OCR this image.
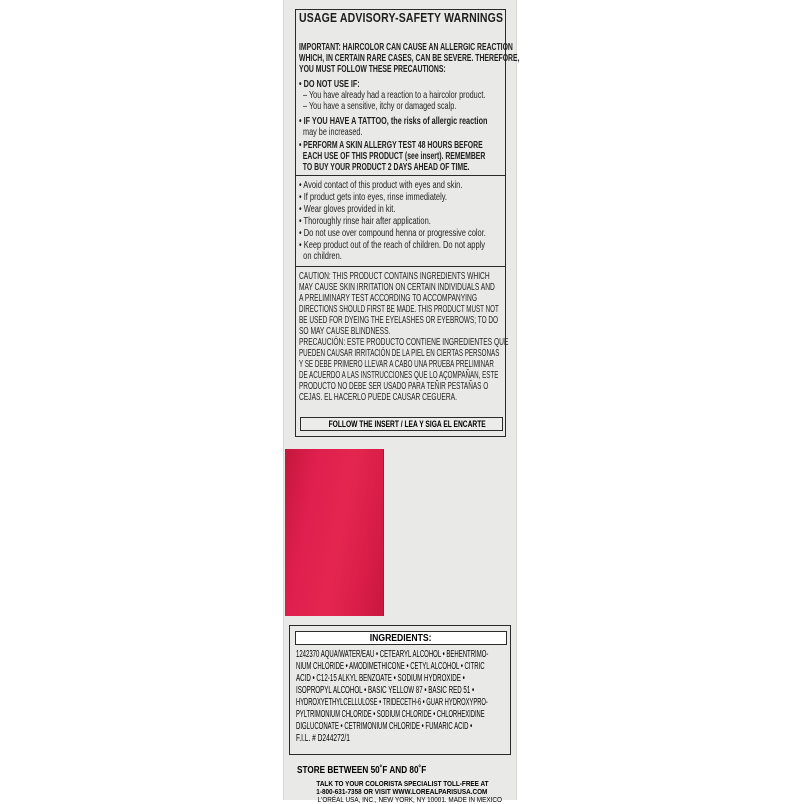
USAGE ADVISORY-SAFETY WARNINGS
IMPORTANT: HAIRCOLOR CAN CAUSE AN ALLERGIC REACTION
WHICH, IN CERTAIN RARE CASES, CAN BE SEVERE. THEREFORE,
YOU MUST FOLLOW THESE PRECAUTIONS:
• DO NOT USE IF:
– You have already had a reaction to a haircolor product.
– You have a sensitive, itchy or damaged scalp.
• IF YOU HAVE A TATTOO, the risks of allergic reaction
may be increased.
• PERFORM A SKIN ALLERGY TEST 48 HOURS BEFORE
EACH USE OF THIS PRODUCT (see insert). REMEMBER
TO BUY YOUR PRODUCT 2 DAYS AHEAD OF TIME.
• Avoid contact of this product with eyes and skin.
• If product gets into eyes, rinse immediately.
• Wear gloves provided in kit.
• Thoroughly rinse hair after application.
• Do not use over compound henna or progressive color.
• Keep product out of the reach of children. Do not apply
on children.
CAUTION: THIS PRODUCT CONTAINS INGREDIENTS WHICH
MAY CAUSE SKIN IRRITATION ON CERTAIN INDIVIDUALS AND
A PRELIMINARY TEST ACCORDING TO ACCOMPANYING
DIRECTIONS SHOULD FIRST BE MADE. THIS PRODUCT MUST NOT
BE USED FOR DYEING THE EYELASHES OR EYEBROWS; TO DO
SO MAY CAUSE BLINDNESS.
PRECAUCIÓN: ESTE PRODUCTO CONTIENE INGREDIENTES QUE
PUEDEN CAUSAR IRRITACIÓN DE LA PIEL EN CIERTAS PERSONAS
Y SE DEBE PRIMERO LLEVAR A CABO UNA PRUEBA PRELIMINAR
DE ACUERDO A LAS INSTRUCCIONES QUE LO AÇOMPAÑAN, ESTE
PRODUCTO NO DEBE SER USADO PARA TEÑIR PESTAÑAS O
CEJAS. EL HACERLO PUEDE CAUSAR CEGUERA.
FOLLOW THE INSERT / LEA Y SIGA EL ENCARTE
INGREDIENTS:
1242370 AQUA/WATER/EAU • CETEARYL ALCOHOL • BEHENTRIMO-
NIUM CHLORIDE • AMODIMETHICONE • CETYL ALCOHOL • CITRIC
ACID • C12-15 ALKYL BENZOATE • SODIUM HYDROXIDE •
ISOPROPYL ALCOHOL • BASIC YELLOW 87 • BASIC RED 51 •
HYDROXYETHYLCELLULOSE • TRIDECETH-6 • GUAR HYDROXYPRO-
PYLTRIMONIUM CHLORIDE • SODIUM CHLORIDE • CHLORHEXIDINE
DIGLUCONATE • CETRIMONIUM CHLORIDE • FUMARIC ACID •
F.I.L. # D244272/1
STORE BETWEEN 50˚F AND 80˚F
TALK TO YOUR COLORISTA SPECIALIST TOLL-FREE AT
1-800-631-7358 OR VISIT WWW.LOREALPARISUSA.COM
L'ORÉAL USA, INC., NEW YORK, NY 10001. MADE IN MEXICO
